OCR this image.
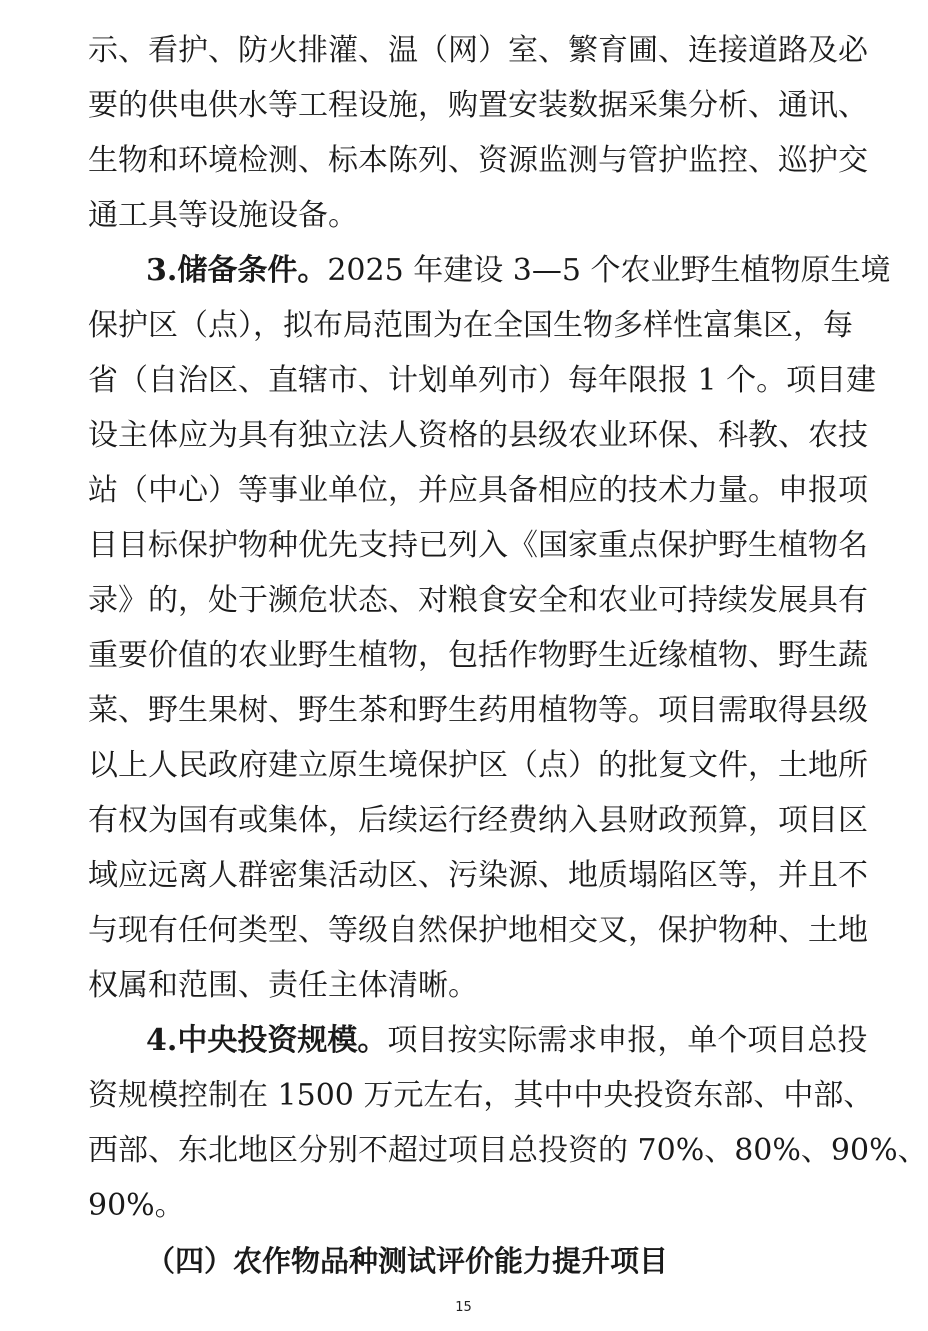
示、看护、防火排灌、温（网）室、繁育圃、连接道路及必
要的供电供水等工程设施，购置安装数据采集分析、通讯、
生物和环境检测、标本陈列、资源监测与管护监控、巡护交
通工具等设施设备。
3.储备条件。2025 年建设 3—5 个农业野生植物原生境
保护区（点），拟布局范围为在全国生物多样性富集区，每
省（自治区、直辖市、计划单列市）每年限报 1 个。项目建
设主体应为具有独立法人资格的县级农业环保、科教、农技
站（中心）等事业单位，并应具备相应的技术力量。申报项
目目标保护物种优先支持已列入《国家重点保护野生植物名
录》的，处于濒危状态、对粮食安全和农业可持续发展具有
重要价值的农业野生植物，包括作物野生近缘植物、野生蔬
菜、野生果树、野生茶和野生药用植物等。项目需取得县级
以上人民政府建立原生境保护区（点）的批复文件，土地所
有权为国有或集体，后续运行经费纳入县财政预算，项目区
域应远离人群密集活动区、污染源、地质塌陷区等，并且不
与现有任何类型、等级自然保护地相交叉，保护物种、土地
权属和范围、责任主体清晰。
4.中央投资规模。项目按实际需求申报，单个项目总投
资规模控制在 1500 万元左右，其中中央投资东部、中部、
西部、东北地区分别不超过项目总投资的 70%、80%、90%、
90%。
（四）农作物品种测试评价能力提升项目
15
